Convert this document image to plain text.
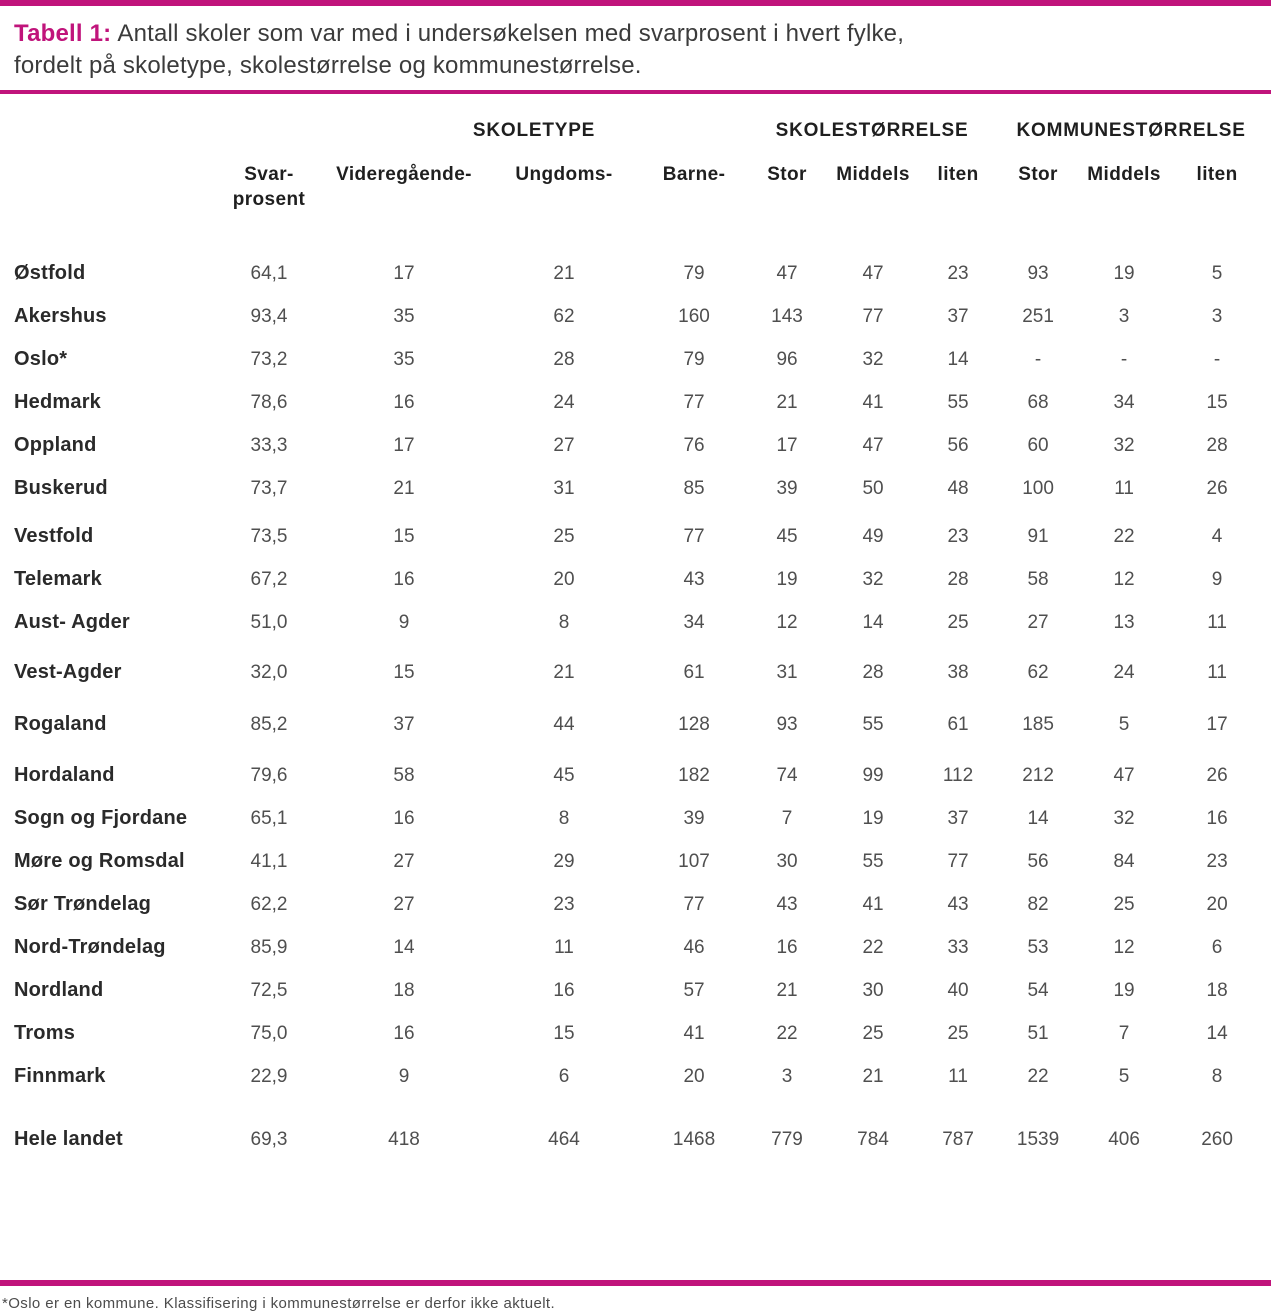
Tabell 1: Antall skoler som var med i undersøkelsen med svarprosent i hvert fylke,
fordelt på skoletype, skolestørrelse og kommunestørrelse.
		SKOLETYPE			SKOLESTØRRELSE			KOMMUNESTØRRELSE		
	Svar-
prosent	Videregående-	Ungdoms-	Barne-	Stor	Middels	liten	Stor	Middels	liten
Østfold	64,1	17	21	79	47	47	23	93	19	5
Akershus	93,4	35	62	160	143	77	37	251	3	3
Oslo*	73,2	35	28	79	96	32	14	-	-	-
Hedmark	78,6	16	24	77	21	41	55	68	34	15
Oppland	33,3	17	27	76	17	47	56	60	32	28
Buskerud	73,7	21	31	85	39	50	48	100	11	26
Vestfold	73,5	15	25	77	45	49	23	91	22	4
Telemark	67,2	16	20	43	19	32	28	58	12	9
Aust- Agder	51,0	9	8	34	12	14	25	27	13	11
Vest-Agder	32,0	15	21	61	31	28	38	62	24	11
Rogaland	85,2	37	44	128	93	55	61	185	5	17
Hordaland	79,6	58	45	182	74	99	112	212	47	26
Sogn og Fjordane	65,1	16	8	39	7	19	37	14	32	16
Møre og Romsdal	41,1	27	29	107	30	55	77	56	84	23
Sør Trøndelag	62,2	27	23	77	43	41	43	82	25	20
Nord-Trøndelag	85,9	14	11	46	16	22	33	53	12	6
Nordland	72,5	18	16	57	21	30	40	54	19	18
Troms	75,0	16	15	41	22	25	25	51	7	14
Finnmark	22,9	9	6	20	3	21	11	22	5	8
Hele landet	69,3	418	464	1468	779	784	787	1539	406	260
*Oslo er en kommune. Klassifisering i kommunestørrelse er derfor ikke aktuelt.
